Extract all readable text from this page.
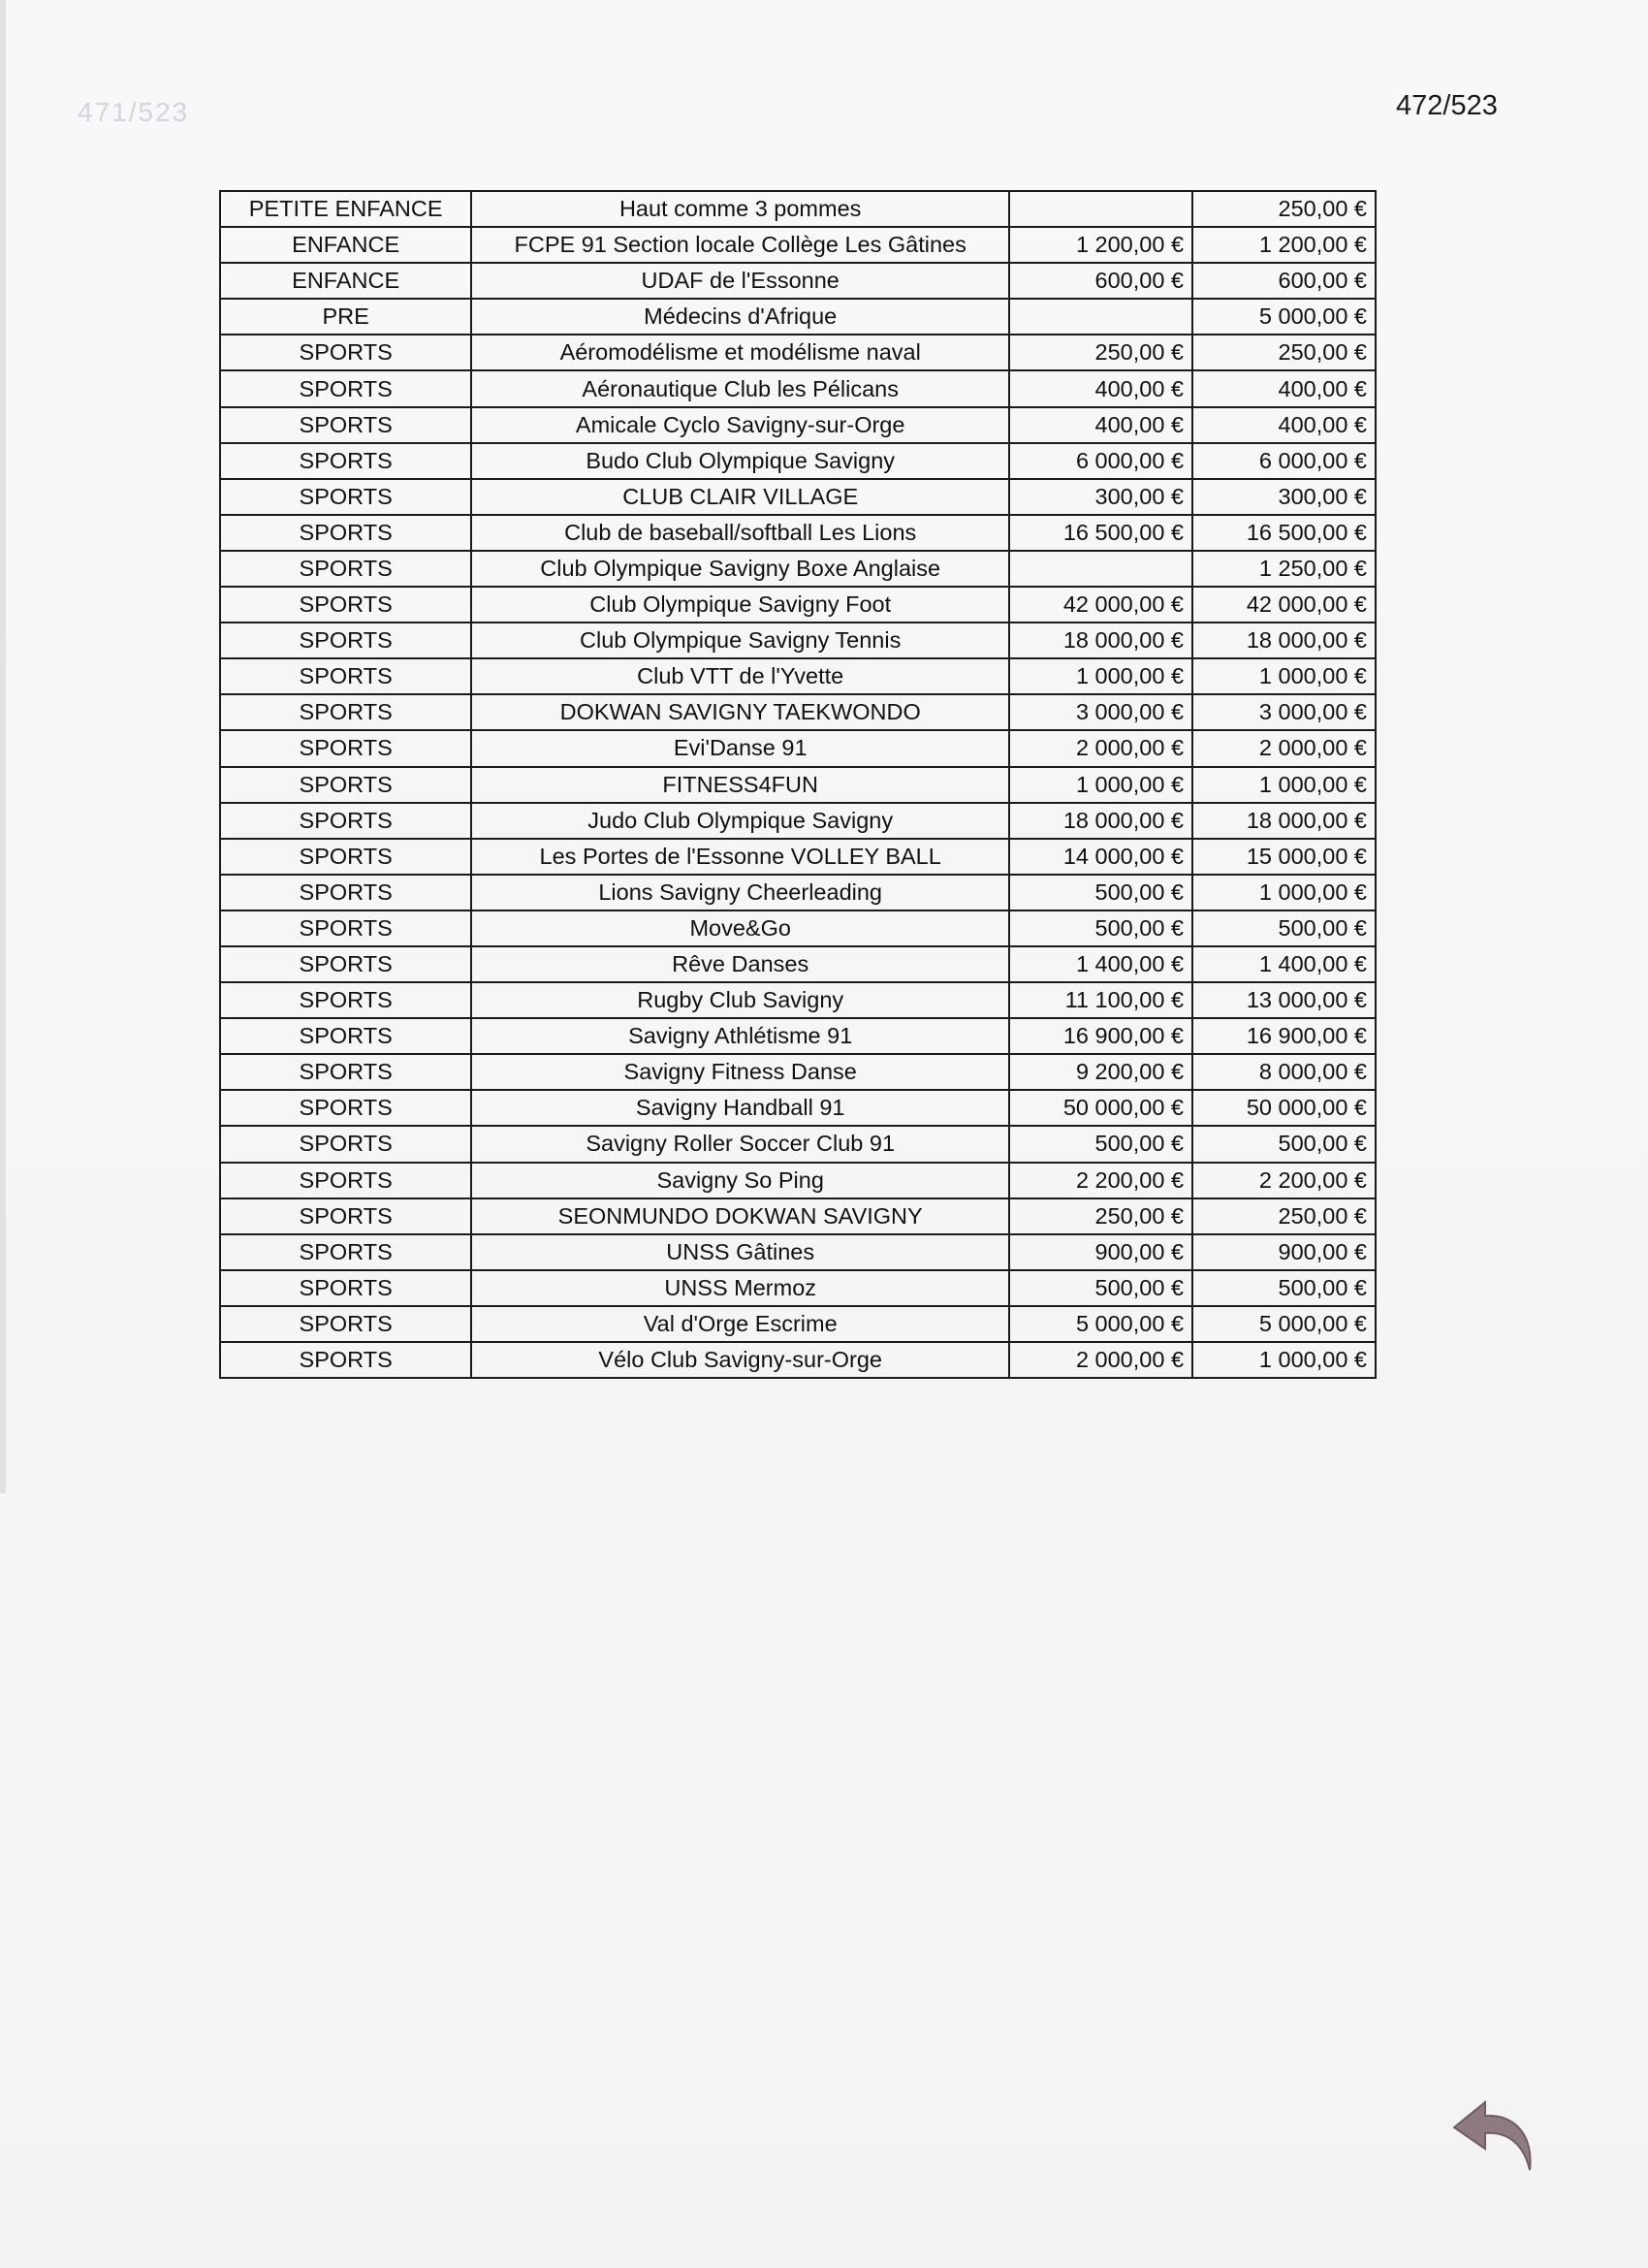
471/523	472/523
PETITE ENFANCE	Haut comme 3 pommes		250,00 €
ENFANCE	FCPE 91 Section locale Collège Les Gâtines	1 200,00 €	1 200,00 €
ENFANCE	UDAF de l'Essonne	600,00 €	600,00 €
PRE	Médecins d'Afrique		5 000,00 €
SPORTS	Aéromodélisme et modélisme naval	250,00 €	250,00 €
SPORTS	Aéronautique Club les Pélicans	400,00 €	400,00 €
SPORTS	Amicale Cyclo Savigny-sur-Orge	400,00 €	400,00 €
SPORTS	Budo Club Olympique Savigny	6 000,00 €	6 000,00 €
SPORTS	CLUB CLAIR VILLAGE	300,00 €	300,00 €
SPORTS	Club de baseball/softball Les Lions	16 500,00 €	16 500,00 €
SPORTS	Club Olympique Savigny Boxe Anglaise		1 250,00 €
SPORTS	Club Olympique Savigny Foot	42 000,00 €	42 000,00 €
SPORTS	Club Olympique Savigny Tennis	18 000,00 €	18 000,00 €
SPORTS	Club VTT de l'Yvette	1 000,00 €	1 000,00 €
SPORTS	DOKWAN SAVIGNY TAEKWONDO	3 000,00 €	3 000,00 €
SPORTS	Evi'Danse 91	2 000,00 €	2 000,00 €
SPORTS	FITNESS4FUN	1 000,00 €	1 000,00 €
SPORTS	Judo Club Olympique Savigny	18 000,00 €	18 000,00 €
SPORTS	Les Portes de l'Essonne VOLLEY BALL	14 000,00 €	15 000,00 €
SPORTS	Lions Savigny Cheerleading	500,00 €	1 000,00 €
SPORTS	Move&Go	500,00 €	500,00 €
SPORTS	Rêve Danses	1 400,00 €	1 400,00 €
SPORTS	Rugby Club Savigny	11 100,00 €	13 000,00 €
SPORTS	Savigny Athlétisme 91	16 900,00 €	16 900,00 €
SPORTS	Savigny Fitness Danse	9 200,00 €	8 000,00 €
SPORTS	Savigny Handball 91	50 000,00 €	50 000,00 €
SPORTS	Savigny Roller Soccer Club 91	500,00 €	500,00 €
SPORTS	Savigny So Ping	2 200,00 €	2 200,00 €
SPORTS	SEONMUNDO DOKWAN SAVIGNY	250,00 €	250,00 €
SPORTS	UNSS Gâtines	900,00 €	900,00 €
SPORTS	UNSS Mermoz	500,00 €	500,00 €
SPORTS	Val d'Orge Escrime	5 000,00 €	5 000,00 €
SPORTS	Vélo Club Savigny-sur-Orge	2 000,00 €	1 000,00 €
